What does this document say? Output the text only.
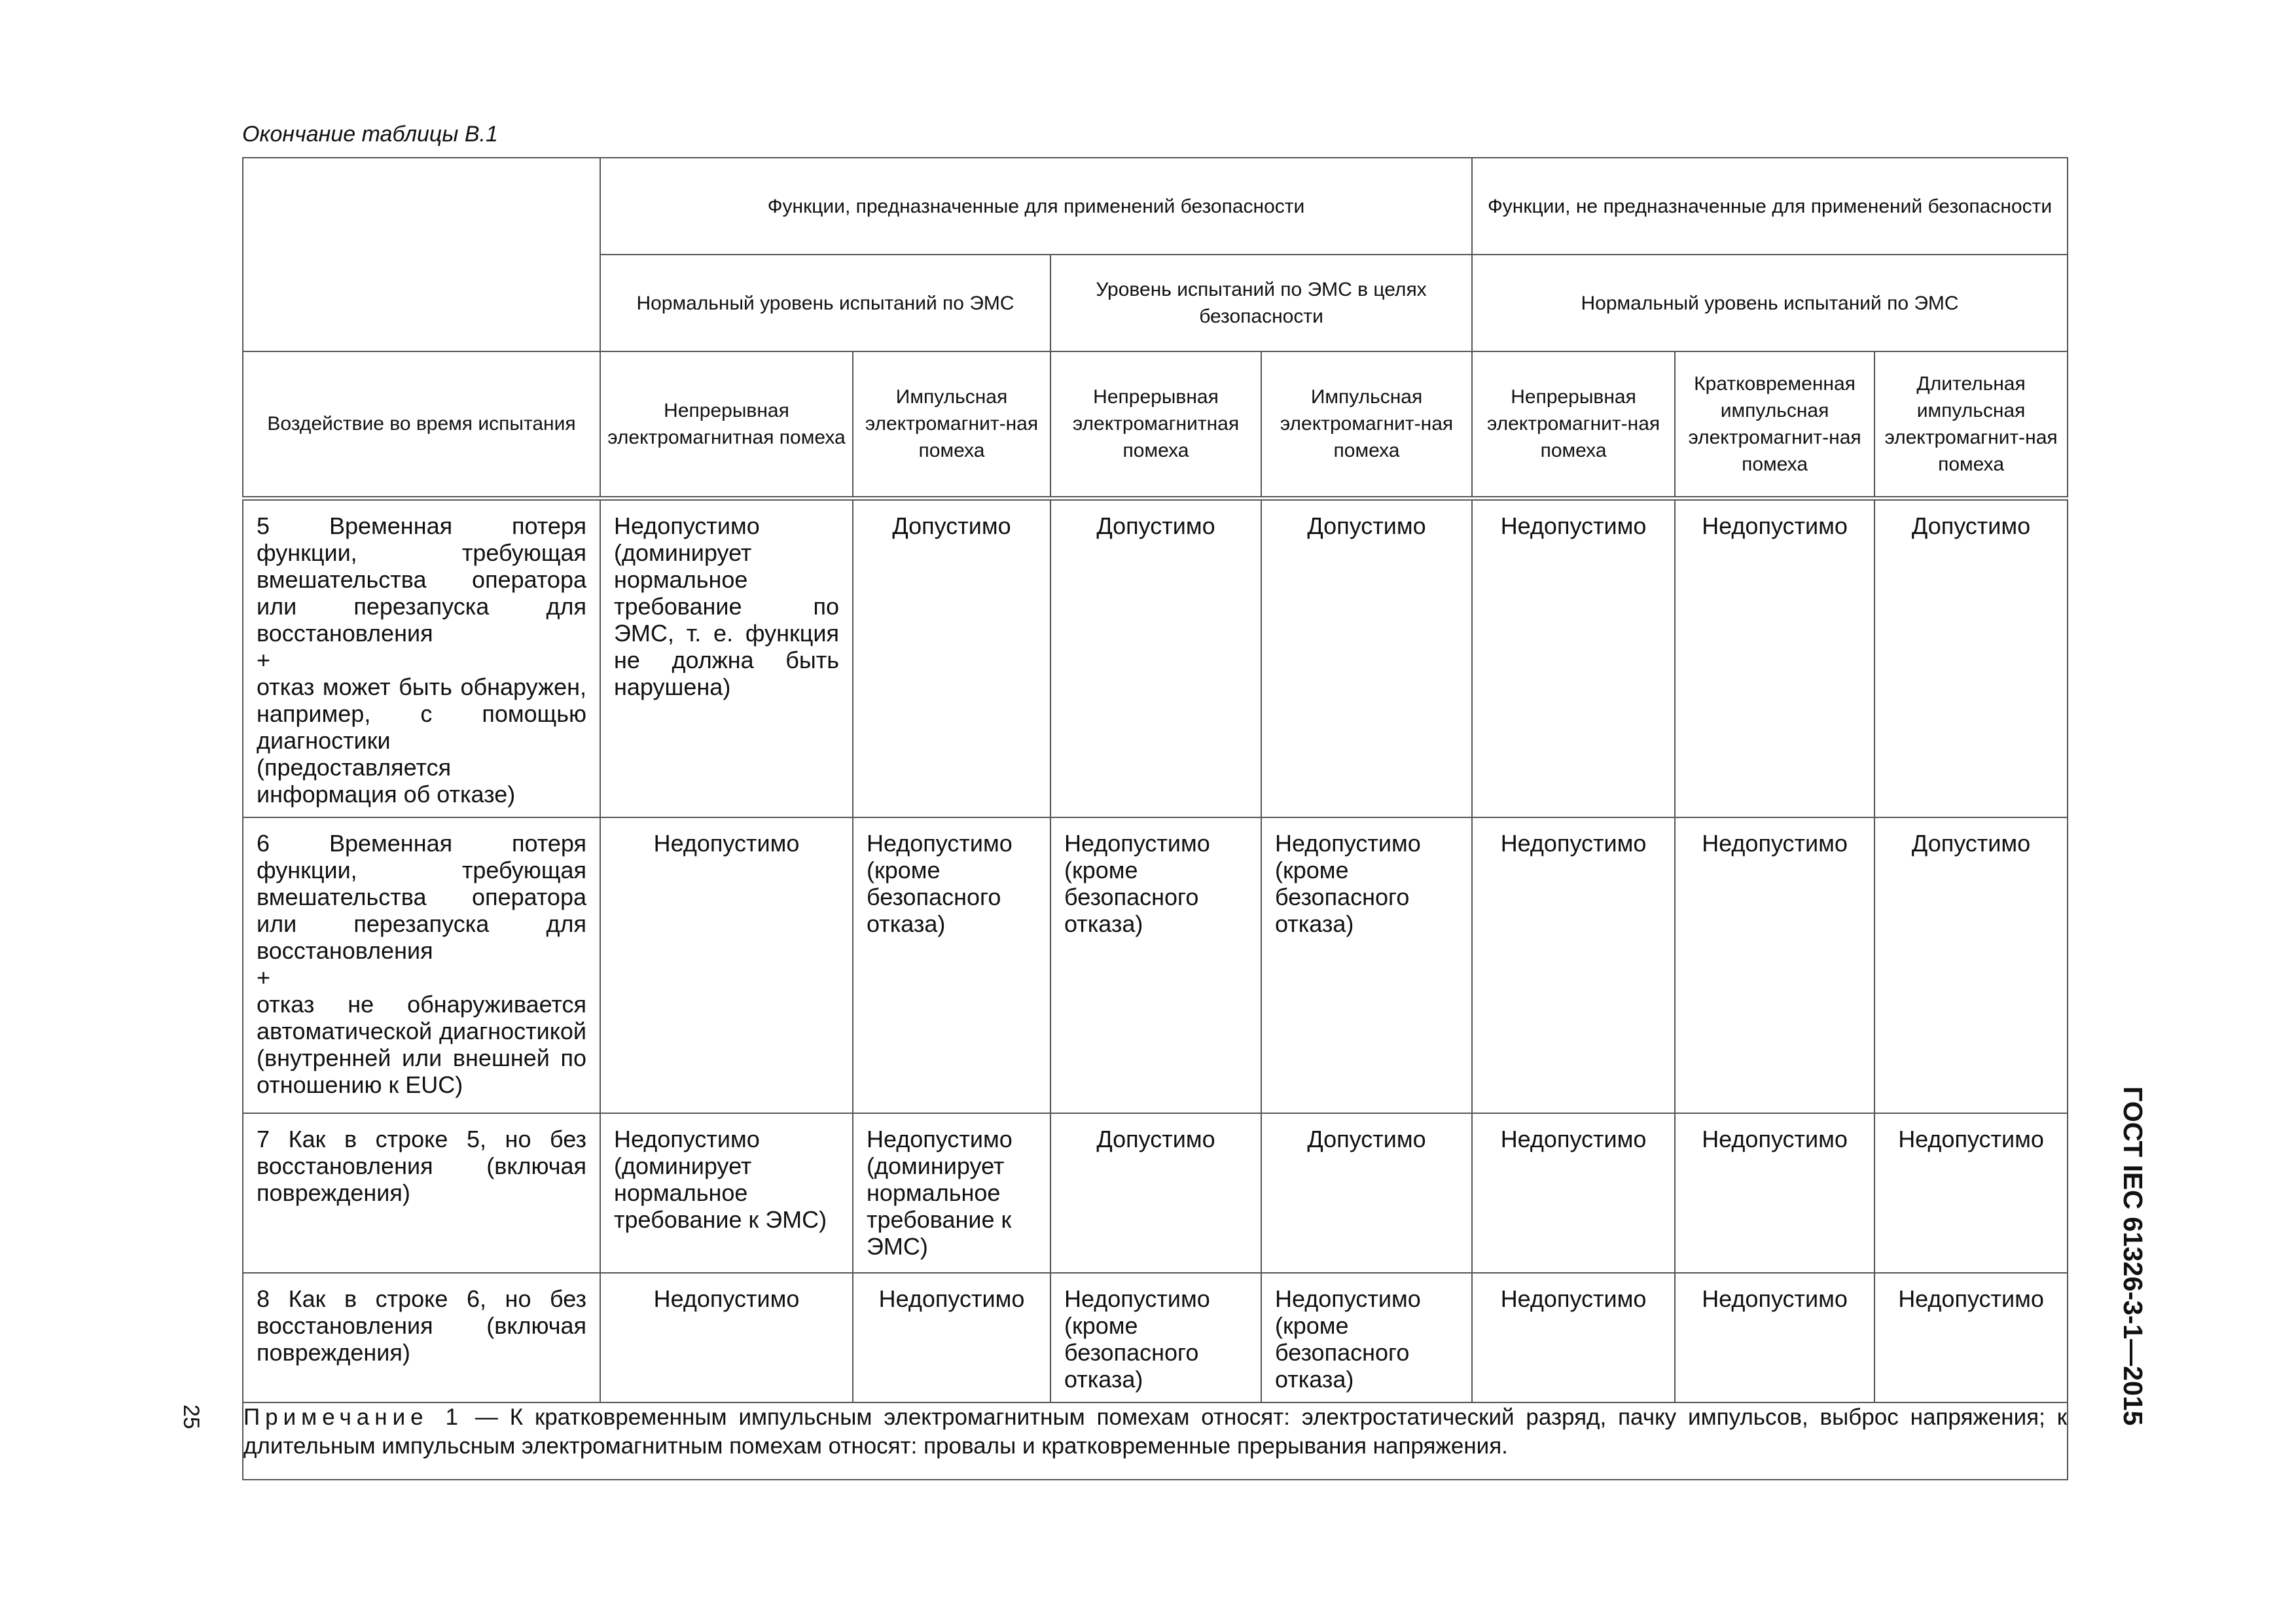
Окончание таблицы В.1
	Функции, предназначенные для применений безопасности				Функции, не предназначенные для применений безопасности		
	Нормальный уровень испытаний по ЭМС		Уровень испытаний по ЭМС в целях безопасности		Нормальный уровень испытаний по ЭМС		
Воздействие во время испытания	Непрерывная электромагнитная помеха	Импульсная электромагнит-ная помеха	Непрерывная электромагнитная помеха	Импульсная электромагнит-ная помеха	Непрерывная электромагнит-ная помеха	Кратковременная импульсная электромагнит-ная помеха	Длительная импульсная электромагнит-ная помеха

5 Временная потеря функции, требующая вмешательства оператора или перезапуска для восстановления
+
отказ может быть обнаружен, например, с помощью диагностики (предоставляется информация об отказе)	Недопустимо (доминирует нормальное требование по ЭМС, т. е. функция не должна быть нарушена)	Допустимо	Допустимо	Допустимо	Недопустимо	Недопустимо	Допустимо

6 Временная потеря функции, требующая вмешательства оператора или перезапуска для восстановления
+
отказ не обнаруживается автоматической диагностикой (внутренней или внешней по отношению к EUC)	Недопустимо	Недопустимо (кроме безопасного отказа)	Недопустимо (кроме безопасного отказа)	Недопустимо (кроме безопасного отказа)	Недопустимо	Недопустимо	Допустимо

7 Как в строке 5, но без восстановления (включая повреждения)	Недопустимо (доминирует нормальное требование к ЭМС)	Недопустимо (доминирует нормальное требование к ЭМС)	Допустимо	Допустимо	Недопустимо	Недопустимо	Недопустимо

8 Как в строке 6, но без восстановления (включая повреждения)	Недопустимо	Недопустимо	Недопустимо (кроме безопасного отказа)	Недопустимо (кроме безопасного отказа)	Недопустимо	Недопустимо	Недопустимо
Примечание 1 — К кратковременным импульсным электромагнитным помехам относят: электростатический разряд, пачку импульсов, выброс напряжения; к длительным импульсным электромагнитным помехам относят: провалы и кратковременные прерывания напряжения.							
ГОСТ IEC 61326-3-1—2015
25
